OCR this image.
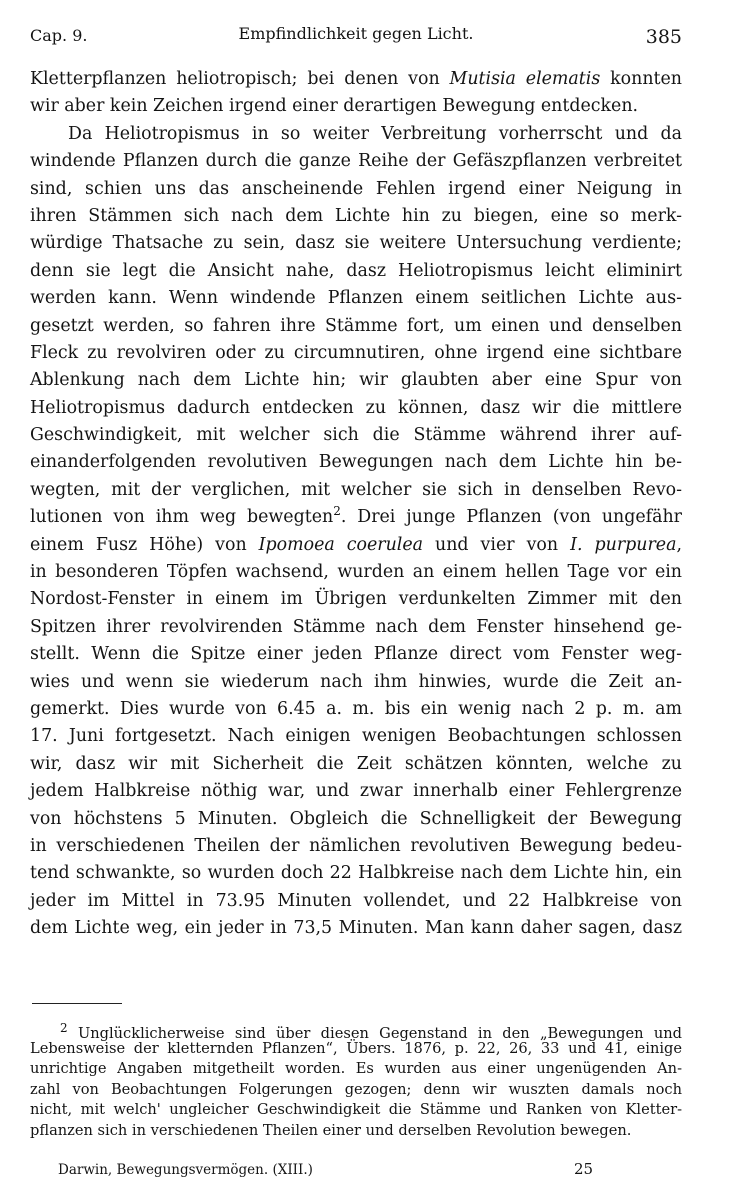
Cap. 9.	Empfindlichkeit gegen Licht.	385
Kletterpflanzen heliotropisch; bei denen von Mutisia elematis konnten
wir aber kein Zeichen irgend einer derartigen Bewegung entdecken.
Da Heliotropismus in so weiter Verbreitung vorherrscht und da
windende Pflanzen durch die ganze Reihe der Gefäszpflanzen verbreitet
sind, schien uns das anscheinende Fehlen irgend einer Neigung in
ihren Stämmen sich nach dem Lichte hin zu biegen, eine so merk-
würdige Thatsache zu sein, dasz sie weitere Untersuchung verdiente;
denn sie legt die Ansicht nahe, dasz Heliotropismus leicht eliminirt
werden kann. Wenn windende Pflanzen einem seitlichen Lichte aus-
gesetzt werden, so fahren ihre Stämme fort, um einen und denselben
Fleck zu revolviren oder zu circumnutiren, ohne irgend eine sichtbare
Ablenkung nach dem Lichte hin; wir glaubten aber eine Spur von
Heliotropismus dadurch entdecken zu können, dasz wir die mittlere
Geschwindigkeit, mit welcher sich die Stämme während ihrer auf-
einanderfolgenden revolutiven Bewegungen nach dem Lichte hin be-
wegten, mit der verglichen, mit welcher sie sich in denselben Revo-
lutionen von ihm weg bewegten$^2$. Drei junge Pflanzen (von ungefähr
einem Fusz Höhe) von Ipomoea coerulea und vier von I. purpurea,
in besonderen Töpfen wachsend, wurden an einem hellen Tage vor ein
Nordost-Fenster in einem im Übrigen verdunkelten Zimmer mit den
Spitzen ihrer revolvirenden Stämme nach dem Fenster hinsehend ge-
stellt. Wenn die Spitze einer jeden Pflanze direct vom Fenster weg-
wies und wenn sie wiederum nach ihm hinwies, wurde die Zeit an-
gemerkt. Dies wurde von 6.45 a. m. bis ein wenig nach 2 p. m. am
17. Juni fortgesetzt. Nach einigen wenigen Beobachtungen schlossen
wir, dasz wir mit Sicherheit die Zeit schätzen könnten, welche zu
jedem Halbkreise nöthig war, und zwar innerhalb einer Fehlergrenze
von höchstens 5 Minuten. Obgleich die Schnelligkeit der Bewegung
in verschiedenen Theilen der nämlichen revolutiven Bewegung bedeu-
tend schwankte, so wurden doch 22 Halbkreise nach dem Lichte hin, ein
jeder im Mittel in 73.95 Minuten vollendet, und 22 Halbkreise von
dem Lichte weg, ein jeder in 73,5 Minuten. Man kann daher sagen, dasz
$^2$ Unglücklicherweise sind über diesen Gegenstand in den „Bewegungen und
Lebensweise der kletternden Pflanzen“, Übers. 1876, p. 22, 26, 33 und 41, einige
unrichtige Angaben mitgetheilt worden. Es wurden aus einer ungenügenden An-
zahl von Beobachtungen Folgerungen gezogen; denn wir wuszten damals noch
nicht, mit welch' ungleicher Geschwindigkeit die Stämme und Ranken von Kletter-
pflanzen sich in verschiedenen Theilen einer und derselben Revolution bewegen.
Darwin, Bewegungsvermögen. (XIII.)	25
